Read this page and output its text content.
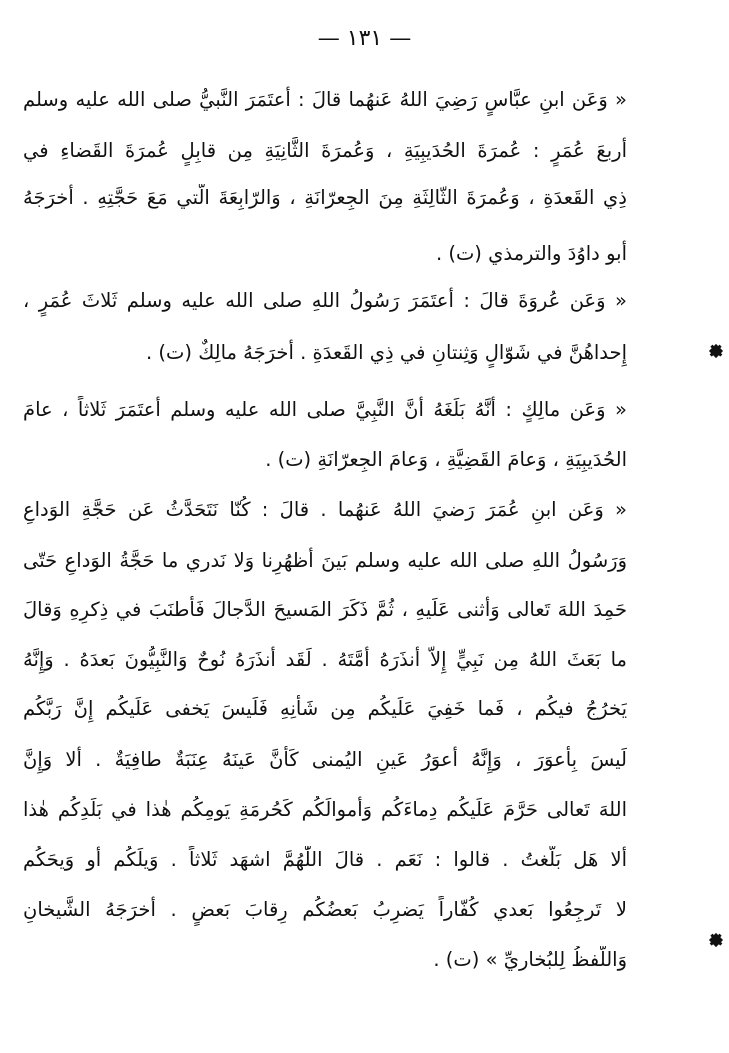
— ١٣١ —
« وَعَن ابنِ عبَّاسٍ رَضِيَ اللهُ عَنهُما قالَ : أَعتَمَرَ النَّبيُّ صلى الله عليه وسلم
أَربعَ عُمَرٍ : عُمرَةَ الحُدَيبِيَةِ ، وَعُمرَةَ الثَّانِيَةِ مِن قابِلٍ عُمرَةَ القَضاءِ في
ذِي القَعدَةِ ، وَعُمرَةَ الثّالِثَةِ مِنَ الجِعرّانَةِ ، وَالرّابِعَةَ الّتي مَعَ حَجَّتِهِ . أَخرَجَهُ
أَبو داوُدَ والترمذي (ت) .
« وَعَن عُروَةَ قالَ : أَعتَمَرَ رَسُولُ اللهِ صلى الله عليه وسلم ثَلاثَ عُمَرٍ ،
إِحداهُنَّ في شَوّالٍ وَثِنتانِ في ذِي القَعدَةِ . أَخرَجَهُ مالِكٌ (ت) .
« وَعَن مالِكٍ : أَنَّهُ بَلَغَهُ أَنَّ النَّبِيَّ صلى الله عليه وسلم أَعتَمَرَ ثَلاثاً ، عامَ
الحُدَيبِيَةِ ، وَعامَ القَضِيَّةِ ، وَعامَ الجِعرّانَةِ (ت) .
« وَعَن ابنِ عُمَرَ رَضيَ اللهُ عَنهُما . قالَ : كُنّا نَتَحَدَّثُ عَن حَجَّةِ الوَداعِ
وَرَسُولُ اللهِ صلى الله عليه وسلم بَينَ أَظهُرِنا وَلا نَدري ما حَجَّةُ الوَداعِ حَتّى
حَمِدَ اللهَ تَعالى وَأَثنى عَلَيهِ ، ثُمَّ ذَكَرَ المَسيحَ الدَّجالَ فَأَطنَبَ في ذِكرِهِ وَقالَ
ما بَعَثَ اللهُ مِن نَبِيٍّ إِلاّ أَنذَرَهُ أُمَّتَهُ . لَقَد أَنذَرَهُ نُوحٌ وَالنَّبِيُّونَ بَعدَهُ . وَإِنَّهُ
يَخرُجُ فيكُم ، فَما خَفِيَ عَلَيكُم مِن شَأنِهِ فَلَيسَ يَخفى عَلَيكُم إِنَّ رَبَّكُم
لَيسَ بِأَعوَرَ ، وَإِنَّهُ أَعوَرُ عَينِ اليُمنى كَأَنَّ عَينَهُ عِنَبَةٌ طافِيَةٌ . أَلا وَإِنَّ
اللهَ تَعالى حَرَّمَ عَلَيكُم دِماءَكُم وَأَموالَكُم كَحُرمَةِ يَومِكُم هٰذا في بَلَدِكُم هٰذا
أَلا هَل بَلَّغتُ . قالوا : نَعَم . قالَ اللّٰهُمَّ اشهَد ثَلاثاً . وَيلَكُم أَو وَيحَكُم
لا تَرجِعُوا بَعدي كُفّاراً يَضرِبُ بَعضُكُم رِقابَ بَعضٍ . أَخرَجَهُ الشَّيخانِ
وَاللَّفظُ لِلبُخاريِّ » (ت) .
